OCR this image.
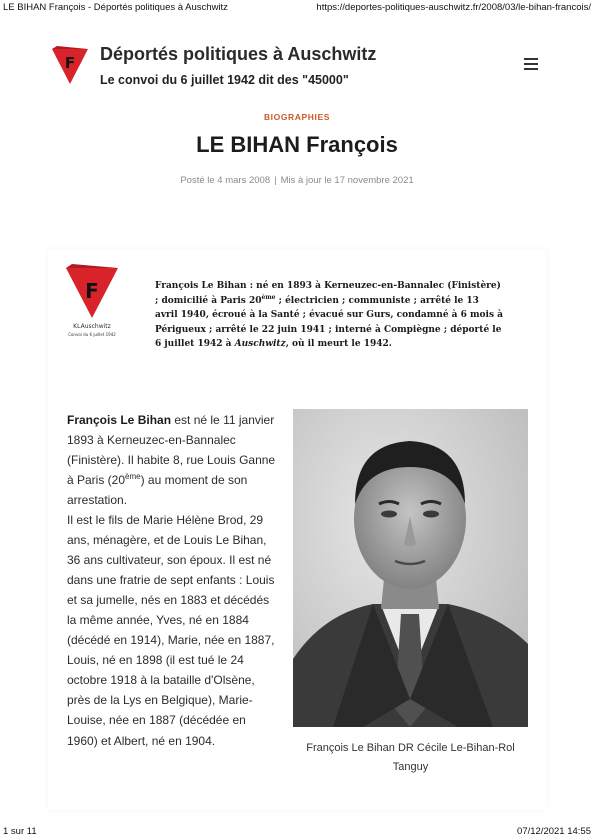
LE BIHAN François - Déportés politiques à Auschwitz	https://deportes-politiques-auschwitz.fr/2008/03/le-bihan-francois/
F Déportés politiques à Auschwitz
Le convoi du 6 juillet 1942 dit des "45000"
BIOGRAPHIES
LE BIHAN François
Posté le 4 mars 2008 | Mis à jour le 17 novembre 2021
F
KLAuschwitz
Convoi du 6 juillet 1942

François Le Bihan : né en 1893 à Kerneuzec-en-Bannalec (Finistère) ; domicilié à Paris 20ème ; électricien ; communiste ; arrêté le 13 avril 1940, écroué à la Santé ; évacué sur Gurs, condamné à 6 mois à Périgueux ; arrêté le 22 juin 1941 ; interné à Compiègne ; déporté le 6 juillet 1942 à Auschwitz, où il meurt le 1942.

François Le Bihan est né le 11 janvier 1893 à Kerneuzec-en-Bannalec (Finistère). Il habite 8, rue Louis Ganne à Paris (20ème) au moment de son arrestation.

Il est le fils de Marie Hélène Brod, 29 ans, ménagère, et de Louis Le Bihan, 36 ans cultivateur, son époux. Il est né dans une fratrie de sept enfants : Louis et sa jumelle, nés en 1883 et décédés la même année, Yves, né en 1884 (décédé en 1914), Marie, née en 1887, Louis, né en 1898 (il est tué le 24 octobre 1918 à la bataille d'Olsène, près de la Lys en Belgique), Marie-Louise, née en 1887 (décédée en 1960) et Albert, né en 1904.

François Le Bihan DR Cécile Le-Bihan-Rol Tanguy
1 sur 11	07/12/2021 14:55
